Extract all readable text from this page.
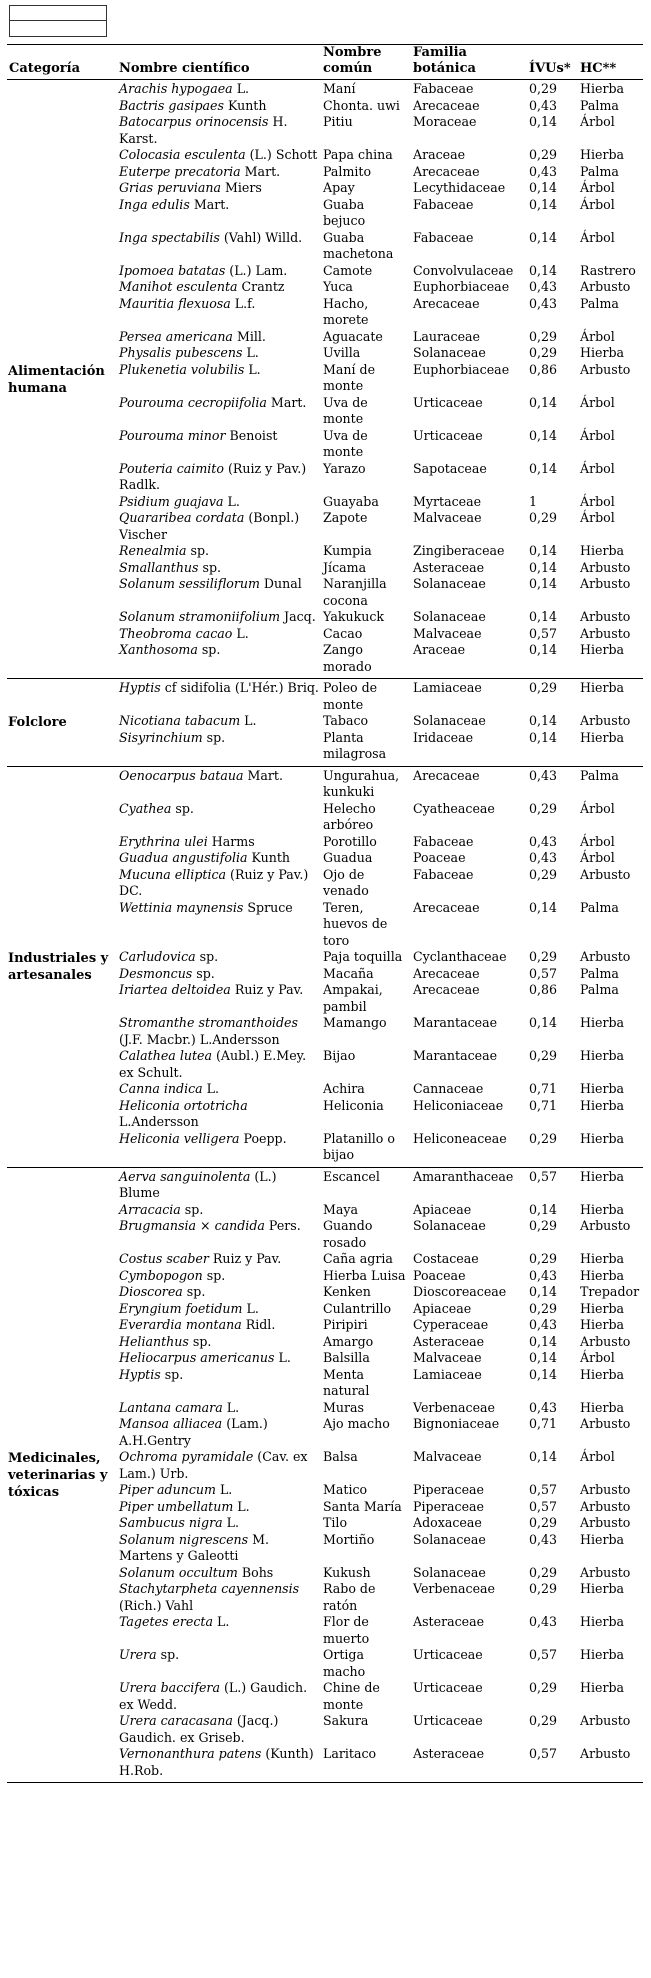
Categoría	Nombre científico	Nombre común	Familia botánica	ÍVUs*	HC**

Alimentación humana	Arachis hypogaea L.	Maní	Fabaceae	0,29	Hierba
	Bactris gasipaes Kunth	Chonta. uwi	Arecaceae	0,43	Palma
	Batocarpus orinocensis H. Karst.	Pitiu	Moraceae	0,14	Árbol
	Colocasia esculenta (L.) Schott	Papa china	Araceae	0,29	Hierba
	Euterpe precatoria Mart.	Palmito	Arecaceae	0,43	Palma
	Grias peruviana Miers	Apay	Lecythidaceae	0,14	Árbol
	Inga edulis Mart.	Guaba bejuco	Fabaceae	0,14	Árbol
	Inga spectabilis (Vahl) Willd.	Guaba machetona	Fabaceae	0,14	Árbol
	Ipomoea batatas (L.) Lam.	Camote	Convolvulaceae	0,14	Rastrero
	Manihot esculenta Crantz	Yuca	Euphorbiaceae	0,43	Arbusto
	Mauritia flexuosa L.f.	Hacho, morete	Arecaceae	0,43	Palma
	Persea americana Mill.	Aguacate	Lauraceae	0,29	Árbol
	Physalis pubescens L.	Uvilla	Solanaceae	0,29	Hierba
	Plukenetia volubilis L.	Maní de monte	Euphorbiaceae	0,86	Arbusto
	Pourouma cecropiifolia Mart.	Uva de monte	Urticaceae	0,14	Árbol
	Pourouma minor Benoist	Uva de monte	Urticaceae	0,14	Árbol
	Pouteria caimito (Ruiz y Pav.) Radlk.	Yarazo	Sapotaceae	0,14	Árbol
	Psidium guajava L.	Guayaba	Myrtaceae	1	Árbol
	Quararibea cordata (Bonpl.) Vischer	Zapote	Malvaceae	0,29	Árbol
	Renealmia sp.	Kumpia	Zingiberaceae	0,14	Hierba
	Smallanthus sp.	Jícama	Asteraceae	0,14	Arbusto
	Solanum sessiliflorum Dunal	Naranjilla cocona	Solanaceae	0,14	Arbusto
	Solanum stramoniifolium Jacq.	Yakukuck	Solanaceae	0,14	Arbusto
	Theobroma cacao L.	Cacao	Malvaceae	0,57	Arbusto
	Xanthosoma sp.	Zango morado	Araceae	0,14	Hierba

Folclore	Hyptis cf sidifolia (L'Hér.) Briq.	Poleo de monte	Lamiaceae	0,29	Hierba
	Nicotiana tabacum L.	Tabaco	Solanaceae	0,14	Arbusto
	Sisyrinchium sp.	Planta milagrosa	Iridaceae	0,14	Hierba

Industriales y artesanales	Oenocarpus bataua Mart.	Ungurahua, kunkuki	Arecaceae	0,43	Palma
	Cyathea sp.	Helecho arbóreo	Cyatheaceae	0,29	Árbol
	Erythrina ulei Harms	Porotillo	Fabaceae	0,43	Árbol
	Guadua angustifolia Kunth	Guadua	Poaceae	0,43	Árbol
	Mucuna elliptica (Ruiz y Pav.) DC.	Ojo de venado	Fabaceae	0,29	Arbusto
	Wettinia maynensis Spruce	Teren, huevos de toro	Arecaceae	0,14	Palma
	Carludovica sp.	Paja toquilla	Cyclanthaceae	0,29	Arbusto
	Desmoncus sp.	Macaña	Arecaceae	0,57	Palma
	Iriartea deltoidea Ruiz y Pav.	Ampakai, pambil	Arecaceae	0,86	Palma
	Stromanthe stromanthoides (J.F. Macbr.) L.Andersson	Mamango	Marantaceae	0,14	Hierba
	Calathea lutea (Aubl.) E.Mey. ex Schult.	Bijao	Marantaceae	0,29	Hierba
	Canna indica L.	Achira	Cannaceae	0,71	Hierba
	Heliconia ortotricha L.Andersson	Heliconia	Heliconiaceae	0,71	Hierba
	Heliconia velligera Poepp.	Platanillo o bijao	Heliconeaceae	0,29	Hierba

Medicinales, veterinarias y tóxicas	Aerva sanguinolenta (L.) Blume	Escancel	Amaranthaceae	0,57	Hierba
	Arracacia sp.	Maya	Apiaceae	0,14	Hierba
	Brugmansia × candida Pers.	Guando rosado	Solanaceae	0,29	Arbusto
	Costus scaber Ruiz y Pav.	Caña agria	Costaceae	0,29	Hierba
	Cymbopogon sp.	Hierba Luisa	Poaceae	0,43	Hierba
	Dioscorea sp.	Kenken	Dioscoreaceae	0,14	Trepador
	Eryngium foetidum L.	Culantrillo	Apiaceae	0,29	Hierba
	Everardia montana Ridl.	Piripiri	Cyperaceae	0,43	Hierba
	Helianthus sp.	Amargo	Asteraceae	0,14	Arbusto
	Heliocarpus americanus L.	Balsilla	Malvaceae	0,14	Árbol
	Hyptis sp.	Menta natural	Lamiaceae	0,14	Hierba
	Lantana camara L.	Muras	Verbenaceae	0,43	Hierba
	Mansoa alliacea (Lam.) A.H.Gentry	Ajo macho	Bignoniaceae	0,71	Arbusto
	Ochroma pyramidale (Cav. ex Lam.) Urb.	Balsa	Malvaceae	0,14	Árbol
	Piper aduncum L.	Matico	Piperaceae	0,57	Arbusto
	Piper umbellatum L.	Santa María	Piperaceae	0,57	Arbusto
	Sambucus nigra L.	Tilo	Adoxaceae	0,29	Arbusto
	Solanum nigrescens M. Martens y Galeotti	Mortiño	Solanaceae	0,43	Hierba
	Solanum occultum Bohs	Kukush	Solanaceae	0,29	Arbusto
	Stachytarpheta cayennensis (Rich.) Vahl	Rabo de ratón	Verbenaceae	0,29	Hierba
	Tagetes erecta L.	Flor de muerto	Asteraceae	0,43	Hierba
	Urera sp.	Ortiga macho	Urticaceae	0,57	Hierba
	Urera baccifera (L.) Gaudich. ex Wedd.	Chine de monte	Urticaceae	0,29	Hierba
	Urera caracasana (Jacq.) Gaudich. ex Griseb.	Sakura	Urticaceae	0,29	Arbusto
	Vernonanthura patens (Kunth) H.Rob.	Laritaco	Asteraceae	0,57	Arbusto
